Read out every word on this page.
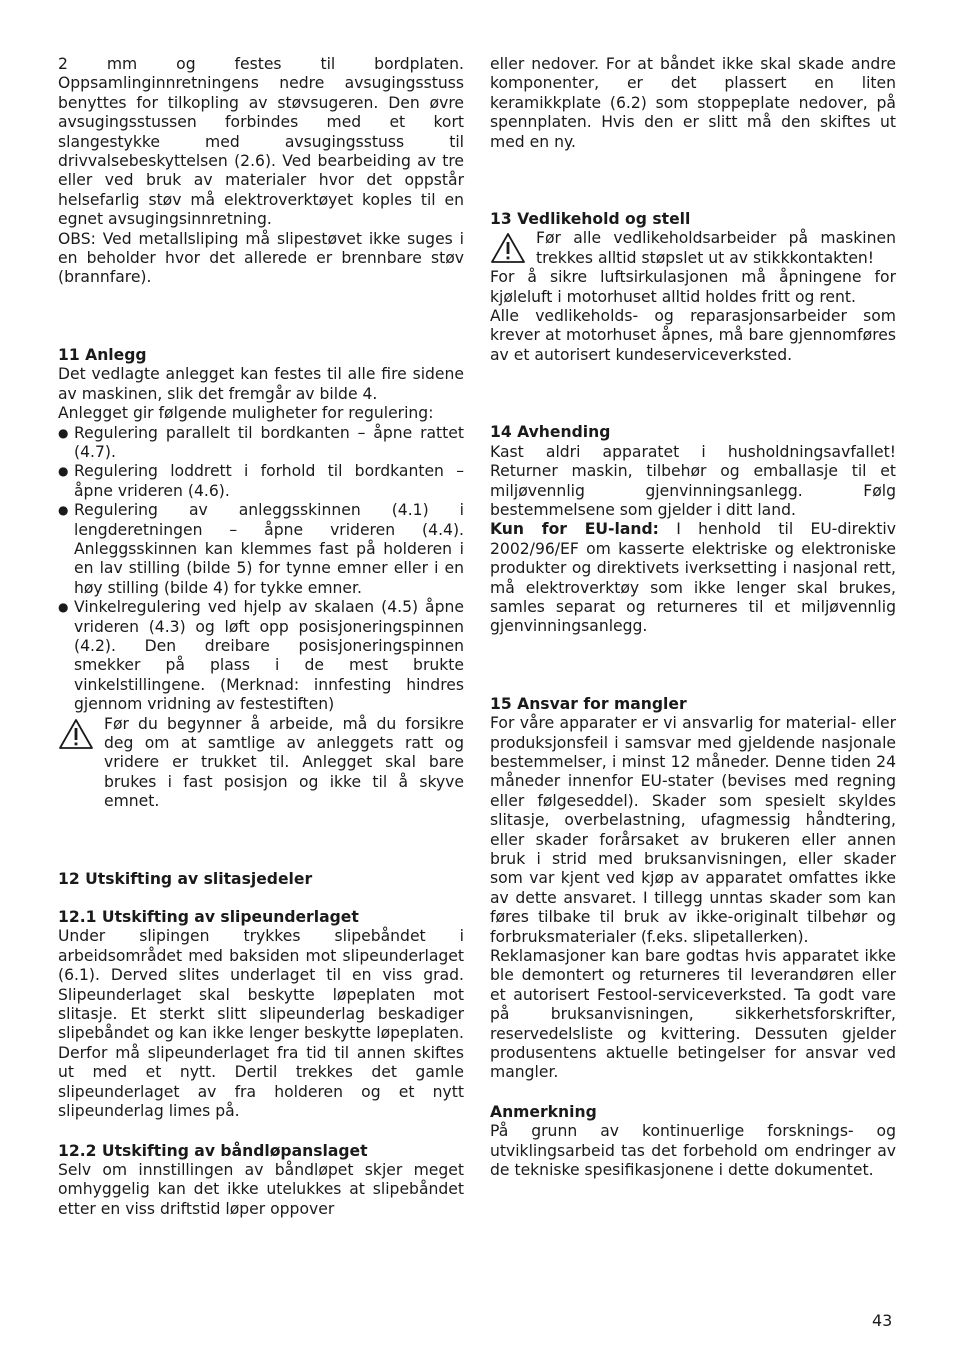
2 mm og festes til bordplaten. Oppsamlinginnretningens nedre avsugingsstuss benyttes for tilkopling av støvsugeren. Den øvre avsugingsstussen forbindes med et kort slangestykke med avsugingsstuss til drivvalsebeskyttelsen (2.6). Ved bearbeiding av tre eller ved bruk av materialer hvor det oppstår helsefarlig støv må elektroverktøyet koples til en egnet avsugingsinnretning.

OBS: Ved metallsliping må slipestøvet ikke suges i en beholder hvor det allerede er brennbare støv (brannfare).

11 Anlegg

Det vedlagte anlegget kan festes til alle fire sidene av maskinen, slik det fremgår av bilde 4.

Anlegget gir følgende muligheter for regulering:

● Regulering parallelt til bordkanten – åpne rattet (4.7).
● Regulering loddrett i forhold til bordkanten – åpne vrideren (4.6).
● Regulering av anleggsskinnen (4.1) i lengderetningen – åpne vrideren (4.4). Anleggsskinnen kan klemmes fast på holderen i en lav stilling (bilde 5) for tynne emner eller i en høy stilling (bilde 4) for tykke emner.
● Vinkelregulering ved hjelp av skalaen (4.5) åpne vrideren (4.3) og løft opp posisjoneringspinnen (4.2). Den dreibare posisjoneringspinnen smekker på plass i de mest brukte vinkelstillingene. (Merknad: innfesting hindres gjennom vridning av festestiften)
Før du begynner å arbeide, må du forsikre deg om at samtlige av anleggets ratt og vridere er trukket til. Anlegget skal bare brukes i fast posisjon og ikke til å skyve emnet.
12 Utskifting av slitasjedeler
12.1 Utskifting av slipeunderlaget

Under slipingen trykkes slipebåndet i arbeidsområdet med baksiden mot slipeunderlaget (6.1). Derved slites underlaget til en viss grad. Slipeunderlaget skal beskytte løpeplaten mot slitasje. Et sterkt slitt slipeunderlag beskadiger slipebåndet og kan ikke lenger beskytte løpeplaten. Derfor må slipeunderlaget fra tid til annen skiftes ut med et nytt. Dertil trekkes det gamle slipeunderlaget av fra holderen og et nytt slipeunderlag limes på.

12.2 Utskifting av båndløpanslaget

Selv om innstillingen av båndløpet skjer meget omhyggelig kan det ikke utelukkes at slipebåndet etter en viss driftstid løper oppover

eller nedover. For at båndet ikke skal skade andre komponenter, er det plassert en liten keramikkplate (6.2) som stoppeplate nedover, på spennplaten. Hvis den er slitt må den skiftes ut med en ny.

13 Vedlikehold og stell
Før alle vedlikeholdsarbeider på maskinen trekkes alltid støpslet ut av stikkkontakten!

For å sikre luftsirkulasjonen må åpningene for kjøleluft i motorhuset alltid holdes fritt og rent.

Alle vedlikeholds- og reparasjonsarbeider som krever at motorhuset åpnes, må bare gjennomføres av et autorisert kundeserviceverksted.

14 Avhending

Kast aldri apparatet i husholdningsavfallet! Returner maskin, tilbehør og emballasje til et miljøvennlig gjenvinningsanlegg. Følg bestemmelsene som gjelder i ditt land.

Kun for EU-land: I henhold til EU-direktiv 2002/96/EF om kasserte elektriske og elektroniske produkter og direktivets iverksetting i nasjonal rett, må elektroverktøy som ikke lenger skal brukes, samles separat og returneres til et miljøvennlig gjenvinningsanlegg.

15 Ansvar for mangler

For våre apparater er vi ansvarlig for material- eller produksjonsfeil i samsvar med gjeldende nasjonale bestemmelser, i minst 12 måneder. Denne tiden 24 måneder innenfor EU-stater (bevises med regning eller følgeseddel). Skader som spesielt skyldes slitasje, overbelastning, ufagmessig håndtering, eller skader forårsaket av brukeren eller annen bruk i strid med bruksanvisningen, eller skader som var kjent ved kjøp av apparatet omfattes ikke av dette ansvaret. I tillegg unntas skader som kan føres tilbake til bruk av ikke-originalt tilbehør og forbruksmaterialer (f.eks. slipetallerken).

Reklamasjoner kan bare godtas hvis apparatet ikke ble demontert og returneres til leverandøren eller et autorisert Festool-serviceverksted. Ta godt vare på bruksanvisningen, sikkerhetsforskrifter, reservedelsliste og kvittering. Dessuten gjelder produsentens aktuelle betingelser for ansvar ved mangler.

Anmerkning

På grunn av kontinuerlige forsknings- og utviklingsarbeid tas det forbehold om endringer av de tekniske spesifikasjonene i dette dokumentet.

43
